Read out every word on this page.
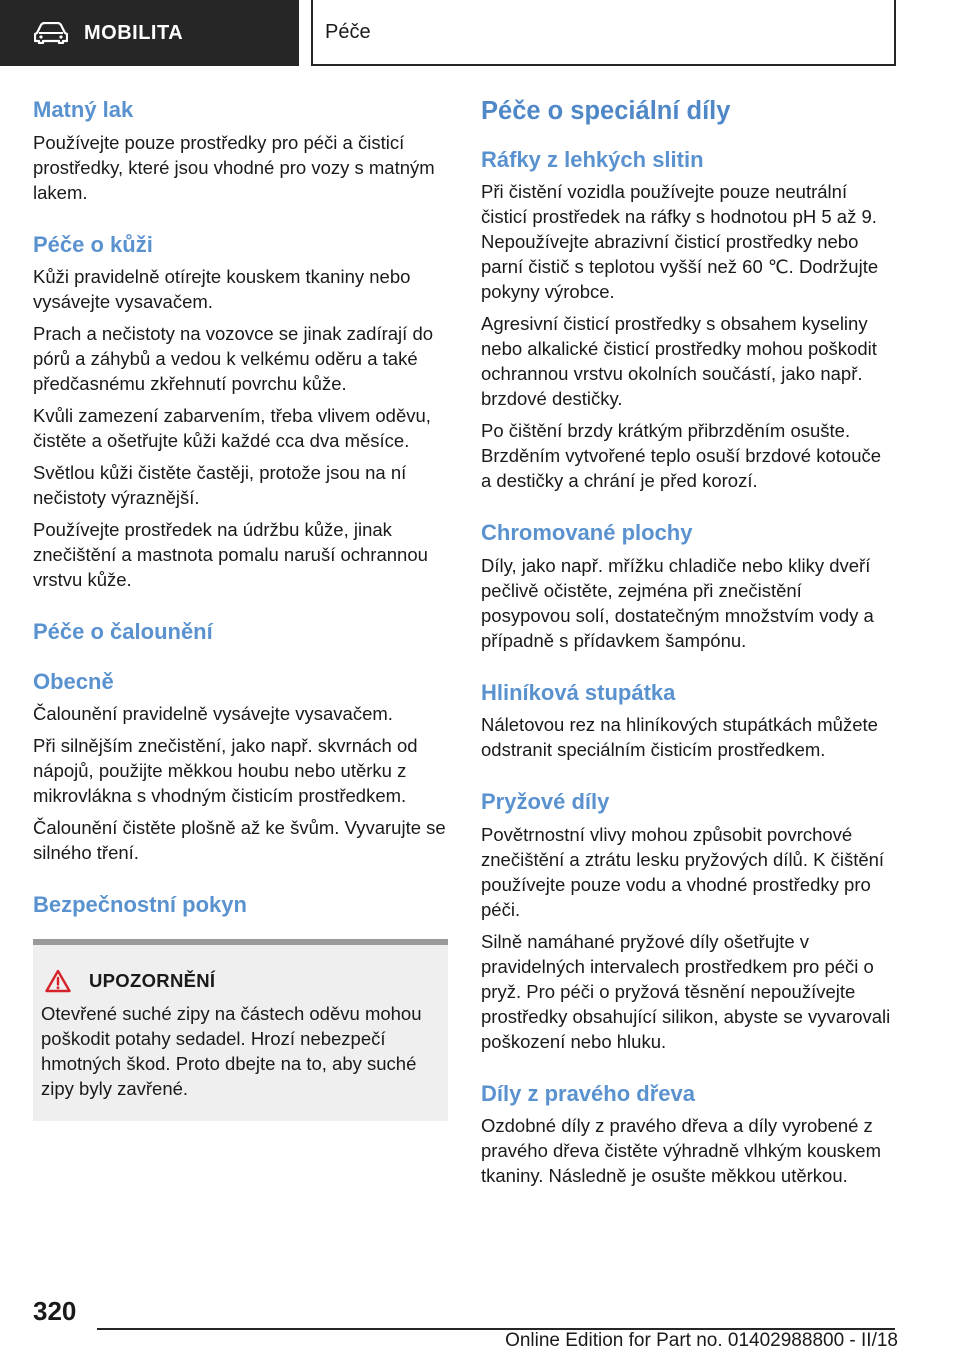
MOBILITA	Péče
Matný lak

Používejte pouze prostředky pro péči a čisticí prostředky, které jsou vhodné pro vozy s matným lakem.

Péče o kůži

Kůži pravidelně otírejte kouskem tkaniny nebo vysávejte vysavačem.

Prach a nečistoty na vozovce se jinak zadírají do pórů a záhybů a vedou k velkému oděru a také předčasnému zkřehnutí povrchu kůže.

Kvůli zamezení zabarvením, třeba vlivem oděvu, čistěte a ošetřujte kůži každé cca dva měsíce.

Světlou kůži čistěte častěji, protože jsou na ní nečistoty výraznější.

Používejte prostředek na údržbu kůže, jinak znečištění a mastnota pomalu naruší ochrannou vrstvu kůže.

Péče o čalounění
Obecně

Čalounění pravidelně vysávejte vysavačem.

Při silnějším znečistění, jako např. skvrnách od nápojů, použijte měkkou houbu nebo utěrku z mikrovlákna s vhodným čisticím prostředkem.

Čalounění čistěte plošně až ke švům. Vyvarujte se silného tření.

Bezpečnostní pokyn
UPOZORNĚNÍ

Otevřené suché zipy na částech oděvu mohou poškodit potahy sedadel. Hrozí nebezpečí hmotných škod. Proto dbejte na to, aby suché zipy byly zavřené.

Péče o speciální díly
Ráfky z lehkých slitin

Při čistění vozidla používejte pouze neutrální čisticí prostředek na ráfky s hodnotou pH 5 až 9. Nepoužívejte abrazivní čisticí prostředky nebo parní čistič s teplotou vyšší než 60 ℃. Dodržujte pokyny výrobce.

Agresivní čisticí prostředky s obsahem kyseliny nebo alkalické čisticí prostředky mohou poškodit ochrannou vrstvu okolních součástí, jako např. brzdové destičky.

Po čištění brzdy krátkým přibrzděním osušte. Brzděním vytvořené teplo osuší brzdové kotouče a destičky a chrání je před korozí.

Chromované plochy

Díly, jako např. mřížku chladiče nebo kliky dveří pečlivě očistěte, zejména při znečistění posypovou solí, dostatečným množstvím vody a případně s přídavkem šampónu.

Hliníková stupátka

Náletovou rez na hliníkových stupátkách můžete odstranit speciálním čisticím prostředkem.

Pryžové díly

Povětrnostní vlivy mohou způsobit povrchové znečištění a ztrátu lesku pryžových dílů. K čištění používejte pouze vodu a vhodné prostředky pro péči.

Silně namáhané pryžové díly ošetřujte v pravidelných intervalech prostředkem pro péči o pryž. Pro péči o pryžová těsnění nepoužívejte prostředky obsahující silikon, abyste se vyvarovali poškození nebo hluku.

Díly z pravého dřeva

Ozdobné díly z pravého dřeva a díly vyrobené z pravého dřeva čistěte výhradně vlhkým kouskem tkaniny. Následně je osušte měkkou utěrkou.

320
Online Edition for Part no. 01402988800 - II/18
